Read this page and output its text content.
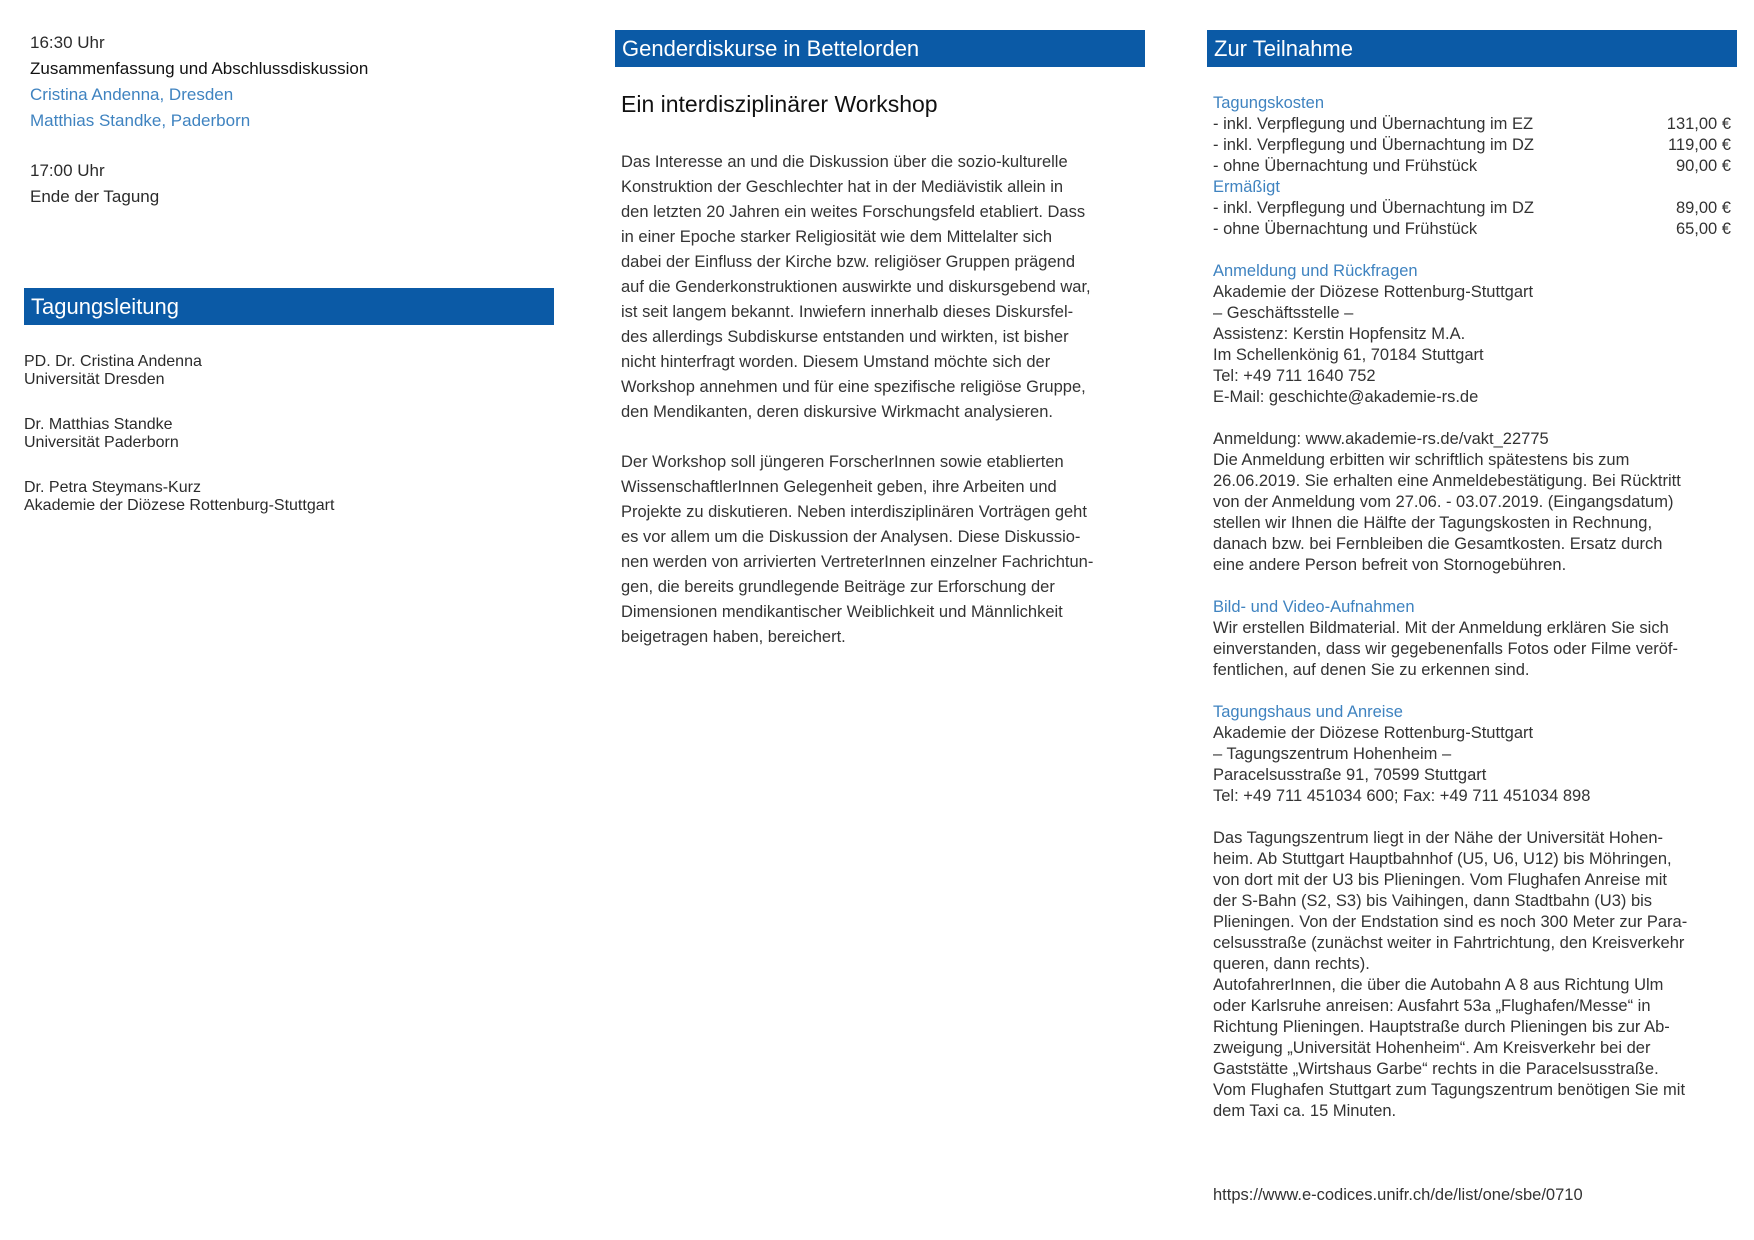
16:30 Uhr
Zusammenfassung und Abschlussdiskussion
Cristina Andenna, Dresden
Matthias Standke, Paderborn
17:00 Uhr
Ende der Tagung
Tagungsleitung
PD. Dr. Cristina Andenna
Universität Dresden
Dr. Matthias Standke
Universität Paderborn
Dr. Petra Steymans-Kurz
Akademie der Diözese Rottenburg-Stuttgart
Genderdiskurse in Bettelorden
Ein interdisziplinärer Workshop

Das Interesse an und die Diskussion über die sozio-kulturelle
Konstruktion der Geschlechter hat in der Mediävistik allein in
den letzten 20 Jahren ein weites Forschungsfeld etabliert. Dass
in einer Epoche starker Religiosität wie dem Mittelalter sich
dabei der Einfluss der Kirche bzw. religiöser Gruppen prägend
auf die Genderkonstruktionen auswirkte und diskursgebend war,
ist seit langem bekannt. Inwiefern innerhalb dieses Diskursfel-
des allerdings Subdiskurse entstanden und wirkten, ist bisher
nicht hinterfragt worden. Diesem Umstand möchte sich der
Workshop annehmen und für eine spezifische religiöse Gruppe,
den Mendikanten, deren diskursive Wirkmacht analysieren.

Der Workshop soll jüngeren ForscherInnen sowie etablierten
WissenschaftlerInnen Gelegenheit geben, ihre Arbeiten und
Projekte zu diskutieren. Neben interdisziplinären Vorträgen geht
es vor allem um die Diskussion der Analysen. Diese Diskussio-
nen werden von arrivierten VertreterInnen einzelner Fachrichtun-
gen, die bereits grundlegende Beiträge zur Erforschung der
Dimensionen mendikantischer Weiblichkeit und Männlichkeit
beigetragen haben, bereichert.

Zur Teilnahme
Tagungskosten
- inkl. Verpflegung und Übernachtung im EZ	131,00 €
- inkl. Verpflegung und Übernachtung im DZ	119,00 €
- ohne Übernachtung und Frühstück	90,00 €
Ermäßigt
- inkl. Verpflegung und Übernachtung im DZ	89,00 €
- ohne Übernachtung und Frühstück	65,00 €
Anmeldung und Rückfragen
Akademie der Diözese Rottenburg-Stuttgart
– Geschäftsstelle –
Assistenz: Kerstin Hopfensitz M.A.
Im Schellenkönig 61, 70184 Stuttgart
Tel: +49 711 1640 752
E-Mail: geschichte@akademie-rs.de
Anmeldung: www.akademie-rs.de/vakt_22775
Die Anmeldung erbitten wir schriftlich spätestens bis zum
26.06.2019. Sie erhalten eine Anmeldebestätigung. Bei Rücktritt
von der Anmeldung vom 27.06. - 03.07.2019. (Eingangsdatum)
stellen wir Ihnen die Hälfte der Tagungskosten in Rechnung,
danach bzw. bei Fernbleiben die Gesamtkosten. Ersatz durch
eine andere Person befreit von Stornogebühren.
Bild- und Video-Aufnahmen
Wir erstellen Bildmaterial. Mit der Anmeldung erklären Sie sich
einverstanden, dass wir gegebenenfalls Fotos oder Filme veröf-
fentlichen, auf denen Sie zu erkennen sind.
Tagungshaus und Anreise
Akademie der Diözese Rottenburg-Stuttgart
– Tagungszentrum Hohenheim –
Paracelsusstraße 91, 70599 Stuttgart
Tel: +49 711 451034 600; Fax: +49 711 451034 898
Das Tagungszentrum liegt in der Nähe der Universität Hohen-
heim. Ab Stuttgart Hauptbahnhof (U5, U6, U12) bis Möhringen,
von dort mit der U3 bis Plieningen. Vom Flughafen Anreise mit
der S-Bahn (S2, S3) bis Vaihingen, dann Stadtbahn (U3) bis
Plieningen. Von der Endstation sind es noch 300 Meter zur Para-
celsusstraße (zunächst weiter in Fahrtrichtung, den Kreisverkehr
queren, dann rechts).
AutofahrerInnen, die über die Autobahn A 8 aus Richtung Ulm
oder Karlsruhe anreisen: Ausfahrt 53a „Flughafen/Messe“ in
Richtung Plieningen. Hauptstraße durch Plieningen bis zur Ab-
zweigung „Universität Hohenheim“. Am Kreisverkehr bei der
Gaststätte „Wirtshaus Garbe“ rechts in die Paracelsusstraße.
Vom Flughafen Stuttgart zum Tagungszentrum benötigen Sie mit
dem Taxi ca. 15 Minuten.
https://www.e-codices.unifr.ch/de/list/one/sbe/0710
